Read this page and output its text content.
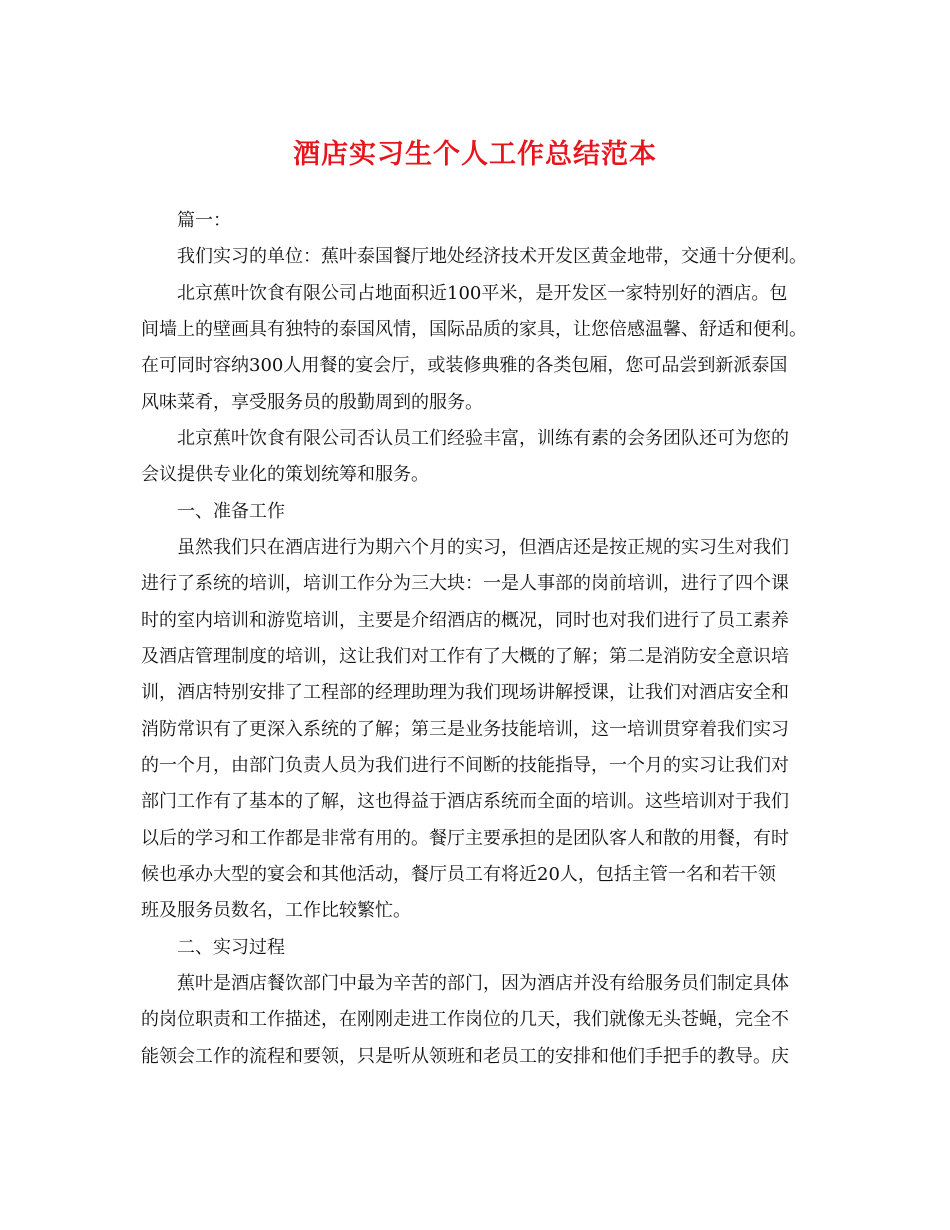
酒店实习生个人工作总结范本
篇一：
我们实习的单位：蕉叶泰国餐厅地处经济技术开发区黄金地带，交通十分便利。
北京蕉叶饮食有限公司占地面积近100平米，是开发区一家特别好的酒店。包
间墙上的壁画具有独特的泰国风情，国际品质的家具，让您倍感温馨、舒适和便利。
在可同时容纳300人用餐的宴会厅，或装修典雅的各类包厢，您可品尝到新派泰国
风味菜肴，享受服务员的殷勤周到的服务。
北京蕉叶饮食有限公司否认员工们经验丰富，训练有素的会务团队还可为您的
会议提供专业化的策划统筹和服务。
一、准备工作
虽然我们只在酒店进行为期六个月的实习，但酒店还是按正规的实习生对我们
进行了系统的培训，培训工作分为三大块：一是人事部的岗前培训，进行了四个课
时的室内培训和游览培训，主要是介绍酒店的概况，同时也对我们进行了员工素养
及酒店管理制度的培训，这让我们对工作有了大概的了解；第二是消防安全意识培
训，酒店特别安排了工程部的经理助理为我们现场讲解授课，让我们对酒店安全和
消防常识有了更深入系统的了解；第三是业务技能培训，这一培训贯穿着我们实习
的一个月，由部门负责人员为我们进行不间断的技能指导，一个月的实习让我们对
部门工作有了基本的了解，这也得益于酒店系统而全面的培训。这些培训对于我们
以后的学习和工作都是非常有用的。餐厅主要承担的是团队客人和散的用餐，有时
候也承办大型的宴会和其他活动，餐厅员工有将近20人，包括主管一名和若干领
班及服务员数名，工作比较繁忙。
二、实习过程
蕉叶是酒店餐饮部门中最为辛苦的部门，因为酒店并没有给服务员们制定具体
的岗位职责和工作描述，在刚刚走进工作岗位的几天，我们就像无头苍蝇，完全不
能领会工作的流程和要领，只是听从领班和老员工的安排和他们手把手的教导。庆
